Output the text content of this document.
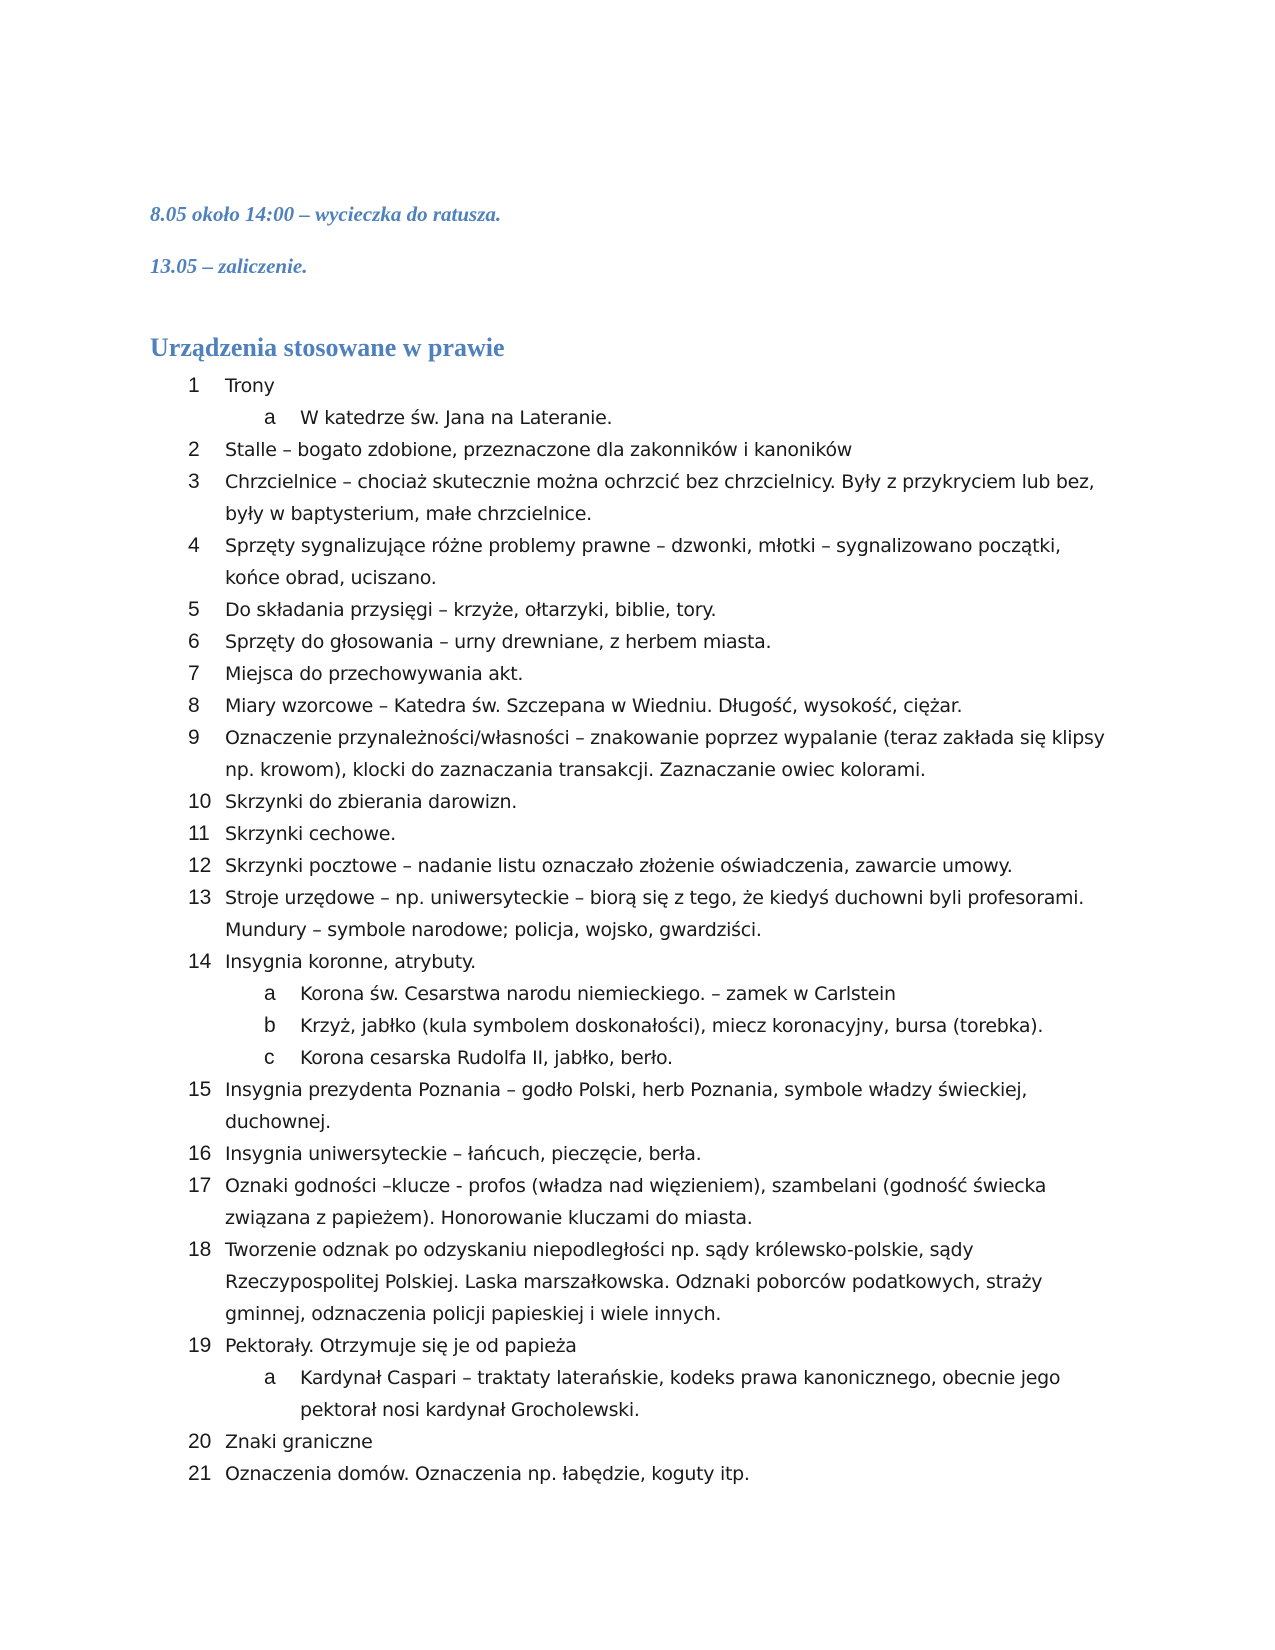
8.05 około 14:00 – wycieczka do ratusza.
13.05 – zaliczenie.
Urządzenia stosowane w prawie
1 Trony
a W katedrze św. Jana na Lateranie.
2 Stalle – bogato zdobione, przeznaczone dla zakonników i kanoników
3 Chrzcielnice – chociaż skutecznie można ochrzcić bez chrzcielnicy. Były z przykryciem lub bez, były w baptysterium, małe chrzcielnice.
4 Sprzęty sygnalizujące różne problemy prawne – dzwonki, młotki – sygnalizowano początki, końce obrad, uciszano.
5 Do składania przysięgi – krzyże, ołtarzyki, biblie, tory.
6 Sprzęty do głosowania – urny drewniane, z herbem miasta.
7 Miejsca do przechowywania akt.
8 Miary wzorcowe – Katedra św. Szczepana w Wiedniu. Długość, wysokość, ciężar.
9 Oznaczenie przynależności/własności – znakowanie poprzez wypalanie (teraz zakłada się klipsy np. krowom), klocki do zaznaczania transakcji. Zaznaczanie owiec kolorami.
10 Skrzynki do zbierania darowizn.
11 Skrzynki cechowe.
12 Skrzynki pocztowe – nadanie listu oznaczało złożenie oświadczenia, zawarcie umowy.
13 Stroje urzędowe – np. uniwersyteckie – biorą się z tego, że kiedyś duchowni byli profesorami. Mundury – symbole narodowe; policja, wojsko, gwardziści.
14 Insygnia koronne, atrybuty.
a Korona św. Cesarstwa narodu niemieckiego. – zamek w Carlstein
b Krzyż, jabłko (kula symbolem doskonałości), miecz koronacyjny, bursa (torebka).
c Korona cesarska Rudolfa II, jabłko, berło.
15 Insygnia prezydenta Poznania – godło Polski, herb Poznania, symbole władzy świeckiej, duchownej.
16 Insygnia uniwersyteckie – łańcuch, pieczęcie, berła.
17 Oznaki godności –klucze - profos (władza nad więzieniem), szambelani (godność świecka związana z papieżem). Honorowanie kluczami do miasta.
18 Tworzenie odznak po odzyskaniu niepodległości np. sądy królewsko-polskie, sądy Rzeczypospolitej Polskiej. Laska marszałkowska. Odznaki poborców podatkowych, straży gminnej, odznaczenia policji papieskiej i wiele innych.
19 Pektorały. Otrzymuje się je od papieża
a Kardynał Caspari – traktaty laterańskie, kodeks prawa kanonicznego, obecnie jego pektorał nosi kardynał Grocholewski.
20 Znaki graniczne
21 Oznaczenia domów. Oznaczenia np. łabędzie, koguty itp.
